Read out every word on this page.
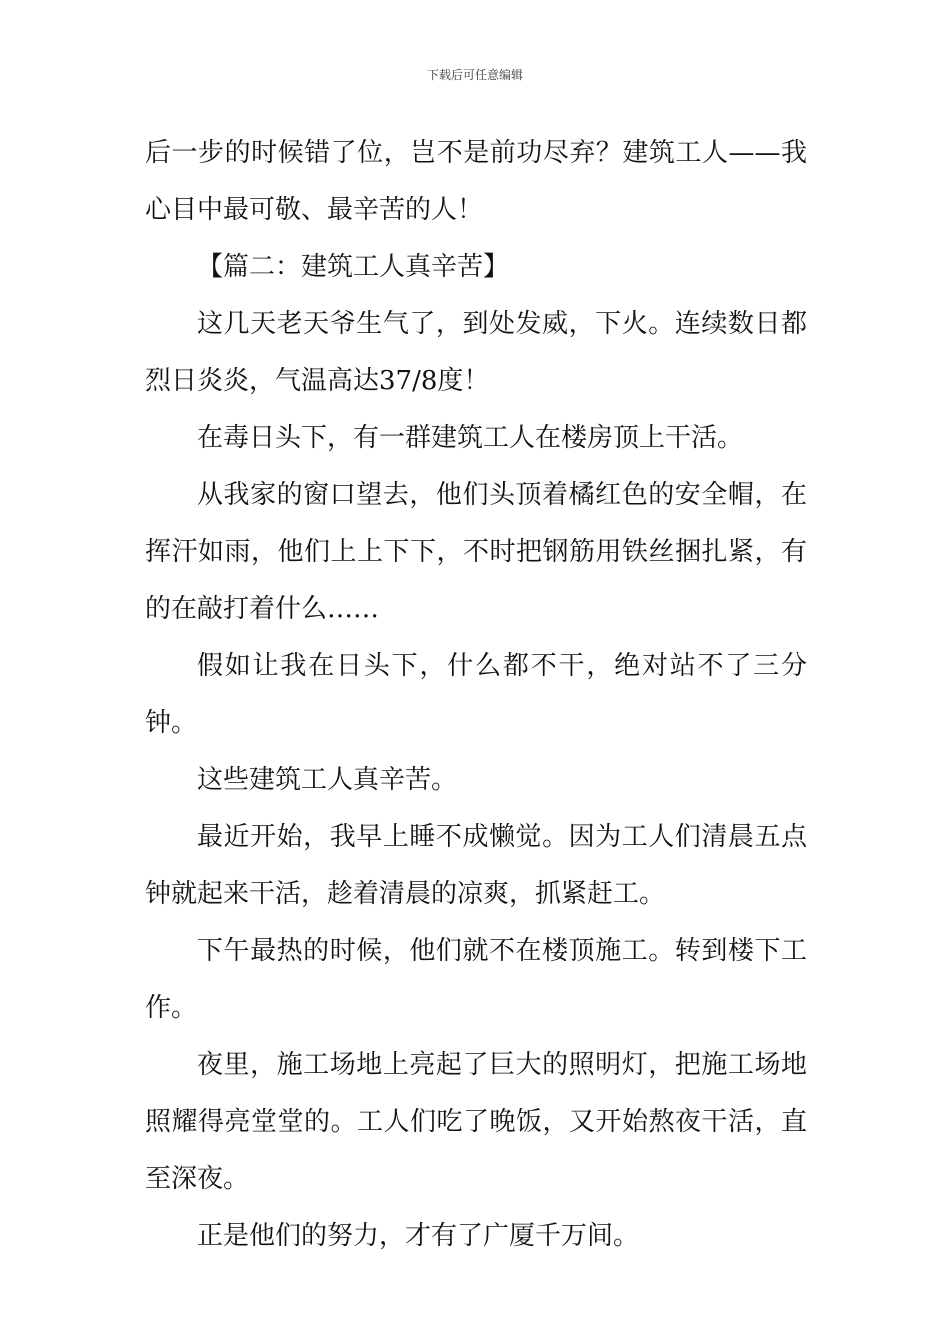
下载后可任意编辑

后一步的时候错了位，岂不是前功尽弃？建筑工人——我心目中最可敬、最辛苦的人！

【篇二：建筑工人真辛苦】

这几天老天爷生气了，到处发威，下火。连续数日都烈日炎炎，气温高达37/8度！

在毒日头下，有一群建筑工人在楼房顶上干活。

从我家的窗口望去，他们头顶着橘红色的安全帽，在挥汗如雨，他们上上下下，不时把钢筋用铁丝捆扎紧，有的在敲打着什么……

假如让我在日头下，什么都不干，绝对站不了三分钟。

这些建筑工人真辛苦。

最近开始，我早上睡不成懒觉。因为工人们清晨五点钟就起来干活，趁着清晨的凉爽，抓紧赶工。

下午最热的时候，他们就不在楼顶施工。转到楼下工作。

夜里，施工场地上亮起了巨大的照明灯，把施工场地照耀得亮堂堂的。工人们吃了晚饭，又开始熬夜干活，直至深夜。

正是他们的努力，才有了广厦千万间。
